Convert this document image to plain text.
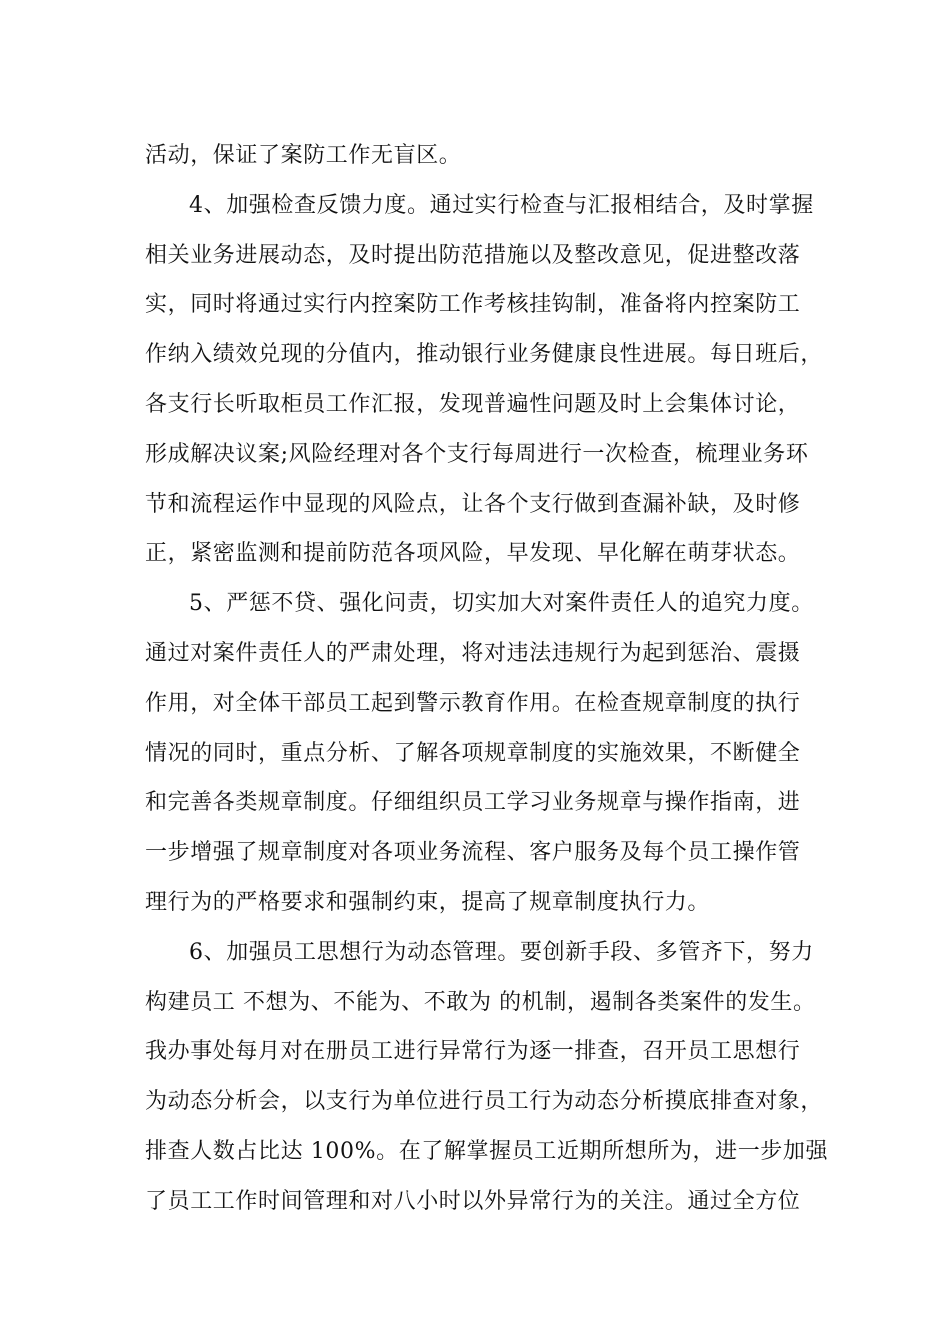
活动，保证了案防工作无盲区。
4、加强检查反馈力度。通过实行检查与汇报相结合，及时掌握
相关业务进展动态，及时提出防范措施以及整改意见，促进整改落
实，同时将通过实行内控案防工作考核挂钩制，准备将内控案防工
作纳入绩效兑现的分值内，推动银行业务健康良性进展。每日班后，
各支行长听取柜员工作汇报，发现普遍性问题及时上会集体讨论，
形成解决议案;风险经理对各个支行每周进行一次检查，梳理业务环
节和流程运作中显现的风险点，让各个支行做到查漏补缺，及时修
正，紧密监测和提前防范各项风险，早发现、早化解在萌芽状态。
5、严惩不贷、强化问责，切实加大对案件责任人的追究力度。
通过对案件责任人的严肃处理，将对违法违规行为起到惩治、震摄
作用，对全体干部员工起到警示教育作用。在检查规章制度的执行
情况的同时，重点分析、了解各项规章制度的实施效果，不断健全
和完善各类规章制度。仔细组织员工学习业务规章与操作指南，进
一步增强了规章制度对各项业务流程、客户服务及每个员工操作管
理行为的严格要求和强制约束，提高了规章制度执行力。
6、加强员工思想行为动态管理。要创新手段、多管齐下，努力
构建员工 不想为、不能为、不敢为 的机制，遏制各类案件的发生。
我办事处每月对在册员工进行异常行为逐一排查，召开员工思想行
为动态分析会，以支行为单位进行员工行为动态分析摸底排查对象，
排查人数占比达 100%。在了解掌握员工近期所想所为，进一步加强
了员工工作时间管理和对八小时以外异常行为的关注。通过全方位
